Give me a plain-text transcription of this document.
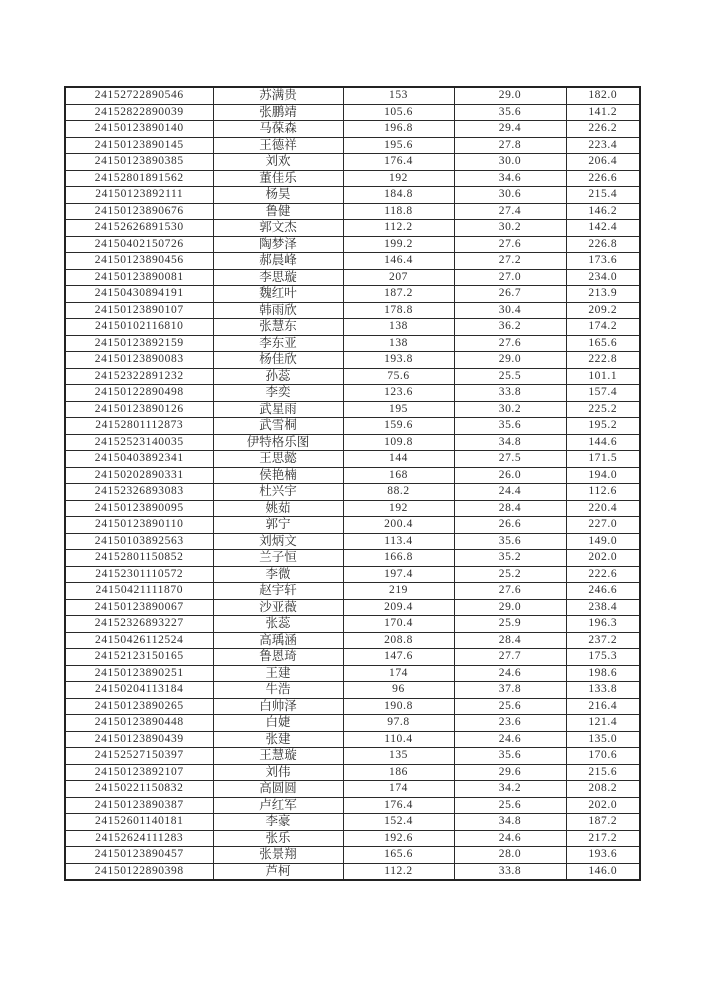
24152722890546	苏满贵	153	29.0	182.0
24152822890039	张鹏靖	105.6	35.6	141.2
24150123890140	马葆森	196.8	29.4	226.2
24150123890145	王德祥	195.6	27.8	223.4
24150123890385	刘欢	176.4	30.0	206.4
24152801891562	董佳乐	192	34.6	226.6
24150123892111	杨昊	184.8	30.6	215.4
24150123890676	鲁健	118.8	27.4	146.2
24152626891530	郭文杰	112.2	30.2	142.4
24150402150726	陶梦泽	199.2	27.6	226.8
24150123890456	郝晨峰	146.4	27.2	173.6
24150123890081	李思璇	207	27.0	234.0
24150430894191	魏红叶	187.2	26.7	213.9
24150123890107	韩雨欣	178.8	30.4	209.2
24150102116810	张慧东	138	36.2	174.2
24150123892159	李东亚	138	27.6	165.6
24150123890083	杨佳欣	193.8	29.0	222.8
24152322891232	孙蕊	75.6	25.5	101.1
24150122890498	李奕	123.6	33.8	157.4
24150123890126	武星雨	195	30.2	225.2
24152801112873	武雪桐	159.6	35.6	195.2
24152523140035	伊特格乐图	109.8	34.8	144.6
24150403892341	王思懿	144	27.5	171.5
24150202890331	侯艳楠	168	26.0	194.0
24152326893083	杜兴宇	88.2	24.4	112.6
24150123890095	姚茹	192	28.4	220.4
24150123890110	郭宁	200.4	26.6	227.0
24150103892563	刘炳文	113.4	35.6	149.0
24152801150852	兰子恒	166.8	35.2	202.0
24152301110572	李微	197.4	25.2	222.6
24150421111870	赵宇轩	219	27.6	246.6
24150123890067	沙亚薇	209.4	29.0	238.4
24152326893227	张蕊	170.4	25.9	196.3
24150426112524	高瑀涵	208.8	28.4	237.2
24152123150165	鲁恩琦	147.6	27.7	175.3
24150123890251	王建	174	24.6	198.6
24150204113184	牛浩	96	37.8	133.8
24150123890265	白帅泽	190.8	25.6	216.4
24150123890448	白婕	97.8	23.6	121.4
24150123890439	张建	110.4	24.6	135.0
24152527150397	王慧璇	135	35.6	170.6
24150123892107	刘伟	186	29.6	215.6
24150221150832	高圆圆	174	34.2	208.2
24150123890387	卢红军	176.4	25.6	202.0
24152601140181	李豪	152.4	34.8	187.2
24152624111283	张乐	192.6	24.6	217.2
24150123890457	张景翔	165.6	28.0	193.6
24150122890398	芦柯	112.2	33.8	146.0
